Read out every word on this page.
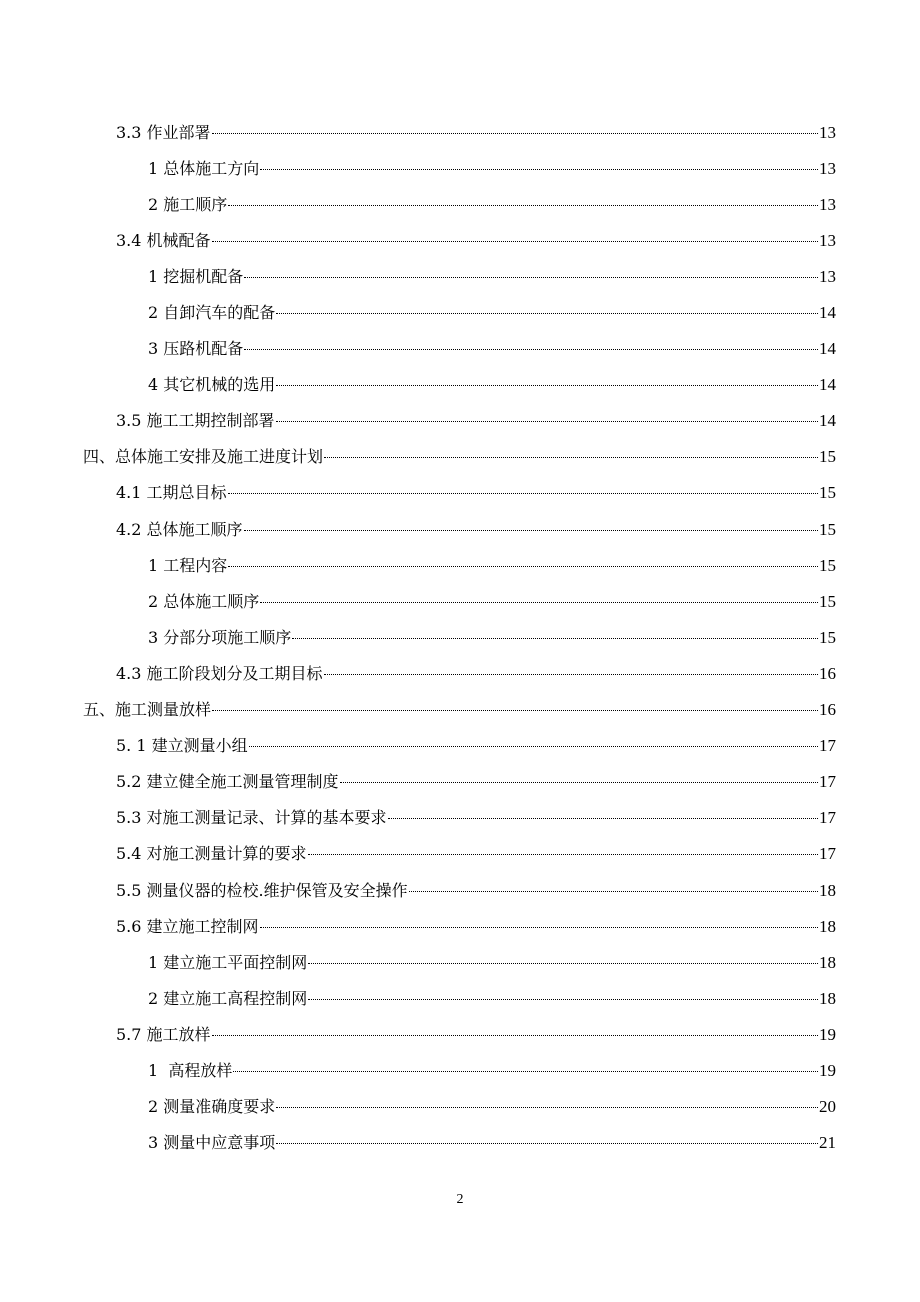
3.3 作业部署	13
1 总体施工方向	13
2 施工顺序	13
3.4 机械配备	13
1 挖掘机配备	13
2 自卸汽车的配备	14
3 压路机配备	14
4 其它机械的选用	14
3.5 施工工期控制部署	14
四、总体施工安排及施工进度计划	15
4.1 工期总目标	15
4.2 总体施工顺序	15
1 工程内容	15
2 总体施工顺序	15
3 分部分项施工顺序	15
4.3 施工阶段划分及工期目标	16
五、施工测量放样	16
5. 1 建立测量小组	17
5.2 建立健全施工测量管理制度	17
5.3 对施工测量记录、计算的基本要求	17
5.4 对施工测量计算的要求	17
5.5 测量仪器的检校.维护保管及安全操作	18
5.6 建立施工控制网	18
1 建立施工平面控制网	18
2 建立施工高程控制网	18
5.7 施工放样	19
1  高程放样	19
2 测量准确度要求	20
3 测量中应意事项	21
2
